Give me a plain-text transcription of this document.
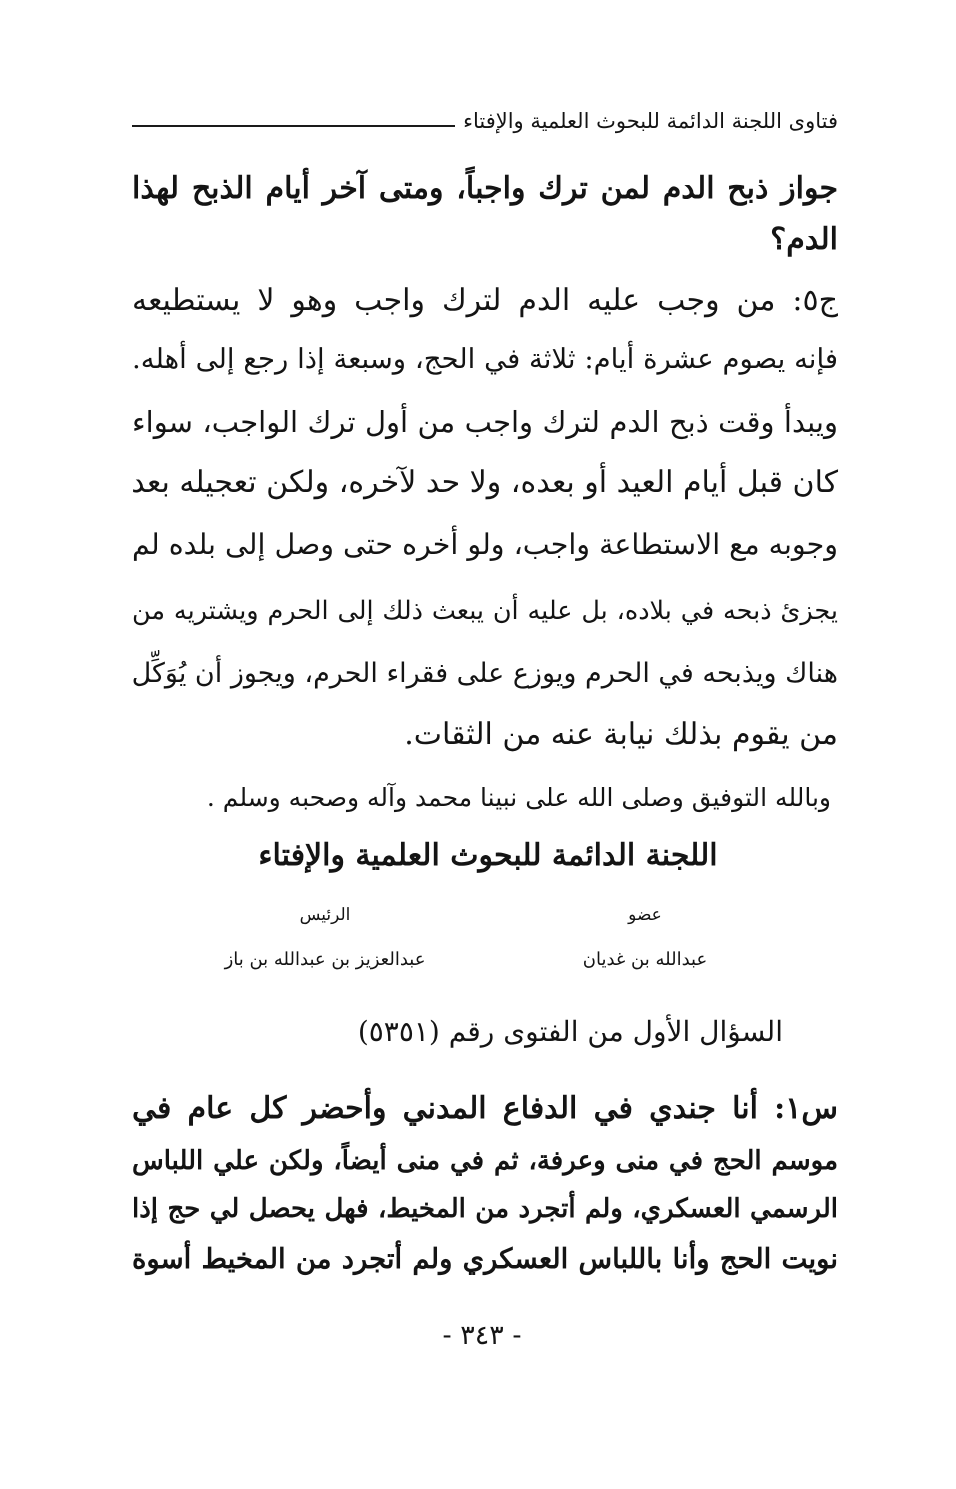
فتاوى اللجنة الدائمة للبحوث العلمية والإفتاء
جواز ذبح الدم لمن ترك واجباً، ومتى آخر أيام الذبح لهذا
الدم؟
ج٥: من وجب عليه الدم لترك واجب وهو لا يستطيعه
فإنه يصوم عشرة أيام: ثلاثة في الحج، وسبعة إذا رجع إلى أهله.
ويبدأ وقت ذبح الدم لترك واجب من أول ترك الواجب، سواء
كان قبل أيام العيد أو بعده، ولا حد لآخره، ولكن تعجيله بعد
وجوبه مع الاستطاعة واجب، ولو أخره حتى وصل إلى بلده لم
يجزئ ذبحه في بلاده، بل عليه أن يبعث ذلك إلى الحرم ويشتريه من
هناك ويذبحه في الحرم ويوزع على فقراء الحرم، ويجوز أن يُوَكِّل
من يقوم بذلك نيابة عنه من الثقات.
وبالله التوفيق وصلى الله على نبينا محمد وآله وصحبه وسلم .
اللجنة الدائمة للبحوث العلمية والإفتاء
الرئيس
عبدالعزيز بن عبدالله بن باز
عضو
عبدالله بن غديان
السؤال الأول من الفتوى رقم (٥٣٥١)
س١: أنا جندي في الدفاع المدني وأحضر كل عام في
موسم الحج في منى وعرفة، ثم في منى أيضاً، ولكن علي اللباس
الرسمي العسكري، ولم أتجرد من المخيط، فهل يحصل لي حج إذا
نويت الحج وأنا باللباس العسكري ولم أتجرد من المخيط أسوة
- ٣٤٣ -
